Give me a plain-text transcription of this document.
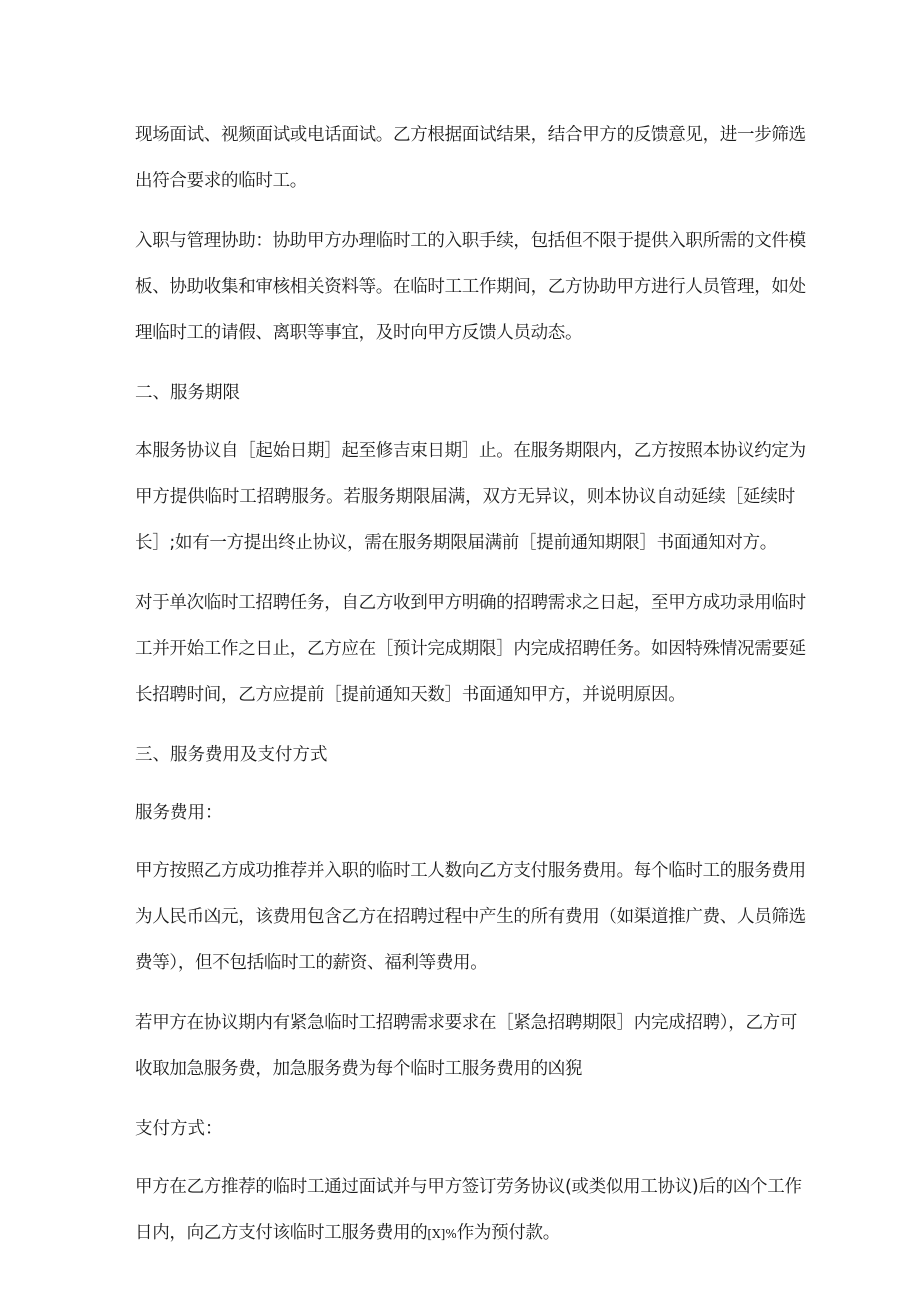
现场面试、视频面试或电话面试。乙方根据面试结果，结合甲方的反馈意见，进一步筛选
出符合要求的临时工。

入职与管理协助：协助甲方办理临时工的入职手续，包括但不限于提供入职所需的文件模
板、协助收集和审核相关资料等。在临时工工作期间，乙方协助甲方进行人员管理，如处
理临时工的请假、离职等事宜，及时向甲方反馈人员动态。

二、服务期限

本服务协议自［起始日期］起至修吉束日期］止。在服务期限内，乙方按照本协议约定为
甲方提供临时工招聘服务。若服务期限届满，双方无异议，则本协议自动延续［延续时
长］;如有一方提出终止协议，需在服务期限届满前［提前通知期限］书面通知对方。

对于单次临时工招聘任务，自乙方收到甲方明确的招聘需求之日起，至甲方成功录用临时
工并开始工作之日止，乙方应在［预计完成期限］内完成招聘任务。如因特殊情况需要延
长招聘时间，乙方应提前［提前通知天数］书面通知甲方，并说明原因。

三、服务费用及支付方式

服务费用：

甲方按照乙方成功推荐并入职的临时工人数向乙方支付服务费用。每个临时工的服务费用
为人民币凶元，该费用包含乙方在招聘过程中产生的所有费用（如渠道推广费、人员筛选
费等），但不包括临时工的薪资、福利等费用。

若甲方在协议期内有紧急临时工招聘需求要求在［紧急招聘期限］内完成招聘），乙方可
收取加急服务费，加急服务费为每个临时工服务费用的凶猊

支付方式：

甲方在乙方推荐的临时工通过面试并与甲方签订劳务协议(或类似用工协议)后的凶个工作
日内，向乙方支付该临时工服务费用的[X]%作为预付款。
